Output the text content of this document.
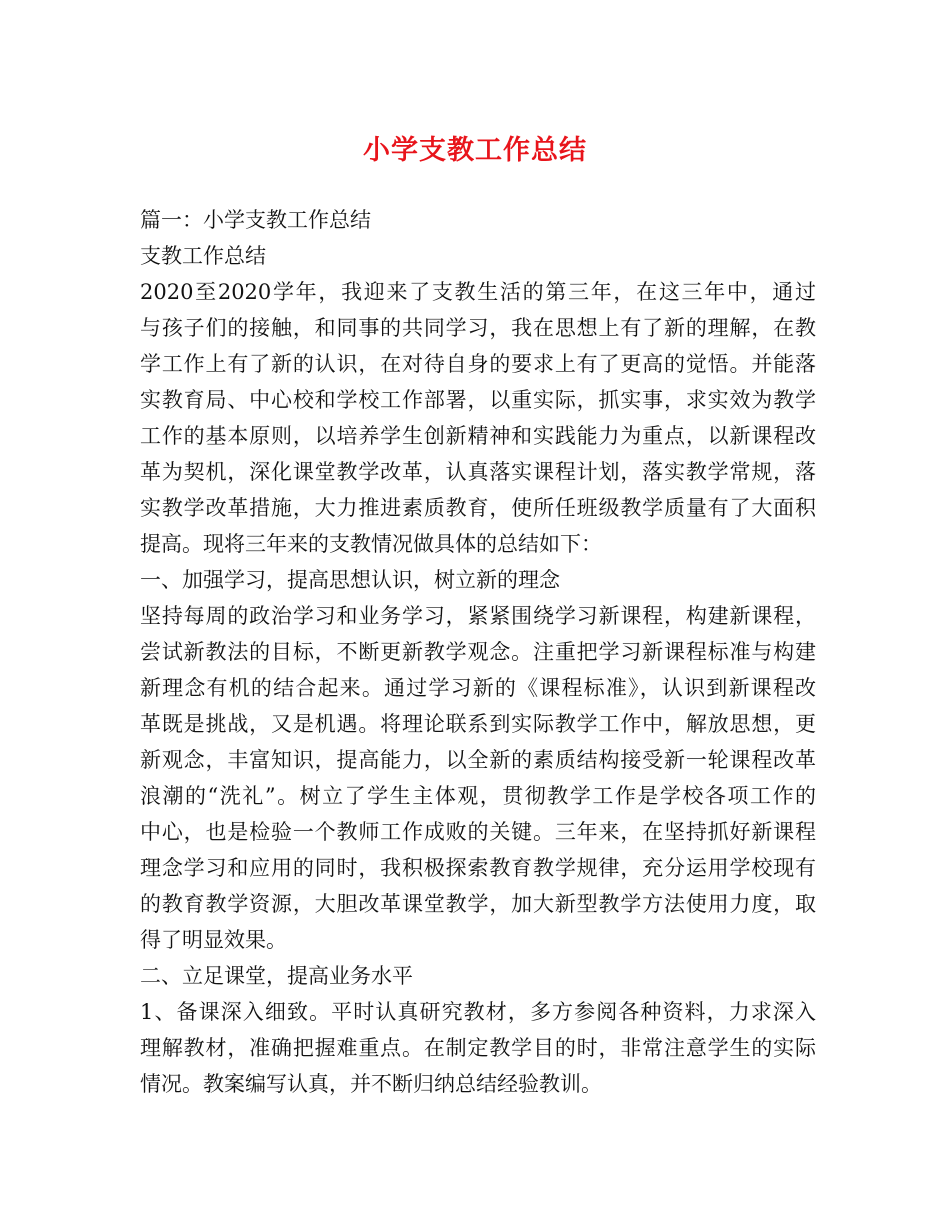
小学支教工作总结
篇一：小学支教工作总结
支教工作总结
2020至2020学年，我迎来了支教生活的第三年，在这三年中，通过
与孩子们的接触，和同事的共同学习，我在思想上有了新的理解，在教
学工作上有了新的认识，在对待自身的要求上有了更高的觉悟。并能落
实教育局、中心校和学校工作部署，以重实际，抓实事，求实效为教学
工作的基本原则，以培养学生创新精神和实践能力为重点，以新课程改
革为契机，深化课堂教学改革，认真落实课程计划，落实教学常规，落
实教学改革措施，大力推进素质教育，使所任班级教学质量有了大面积
提高。现将三年来的支教情况做具体的总结如下：
一、加强学习，提高思想认识，树立新的理念
坚持每周的政治学习和业务学习，紧紧围绕学习新课程，构建新课程，
尝试新教法的目标，不断更新教学观念。注重把学习新课程标准与构建
新理念有机的结合起来。通过学习新的《课程标准》，认识到新课程改
革既是挑战，又是机遇。将理论联系到实际教学工作中，解放思想，更
新观念，丰富知识，提高能力，以全新的素质结构接受新一轮课程改革
浪潮的“洗礼”。树立了学生主体观，贯彻教学工作是学校各项工作的
中心，也是检验一个教师工作成败的关键。三年来，在坚持抓好新课程
理念学习和应用的同时，我积极探索教育教学规律，充分运用学校现有
的教育教学资源，大胆改革课堂教学，加大新型教学方法使用力度，取
得了明显效果。
二、立足课堂，提高业务水平
1、备课深入细致。平时认真研究教材，多方参阅各种资料，力求深入
理解教材，准确把握难重点。在制定教学目的时，非常注意学生的实际
情况。教案编写认真，并不断归纳总结经验教训。
